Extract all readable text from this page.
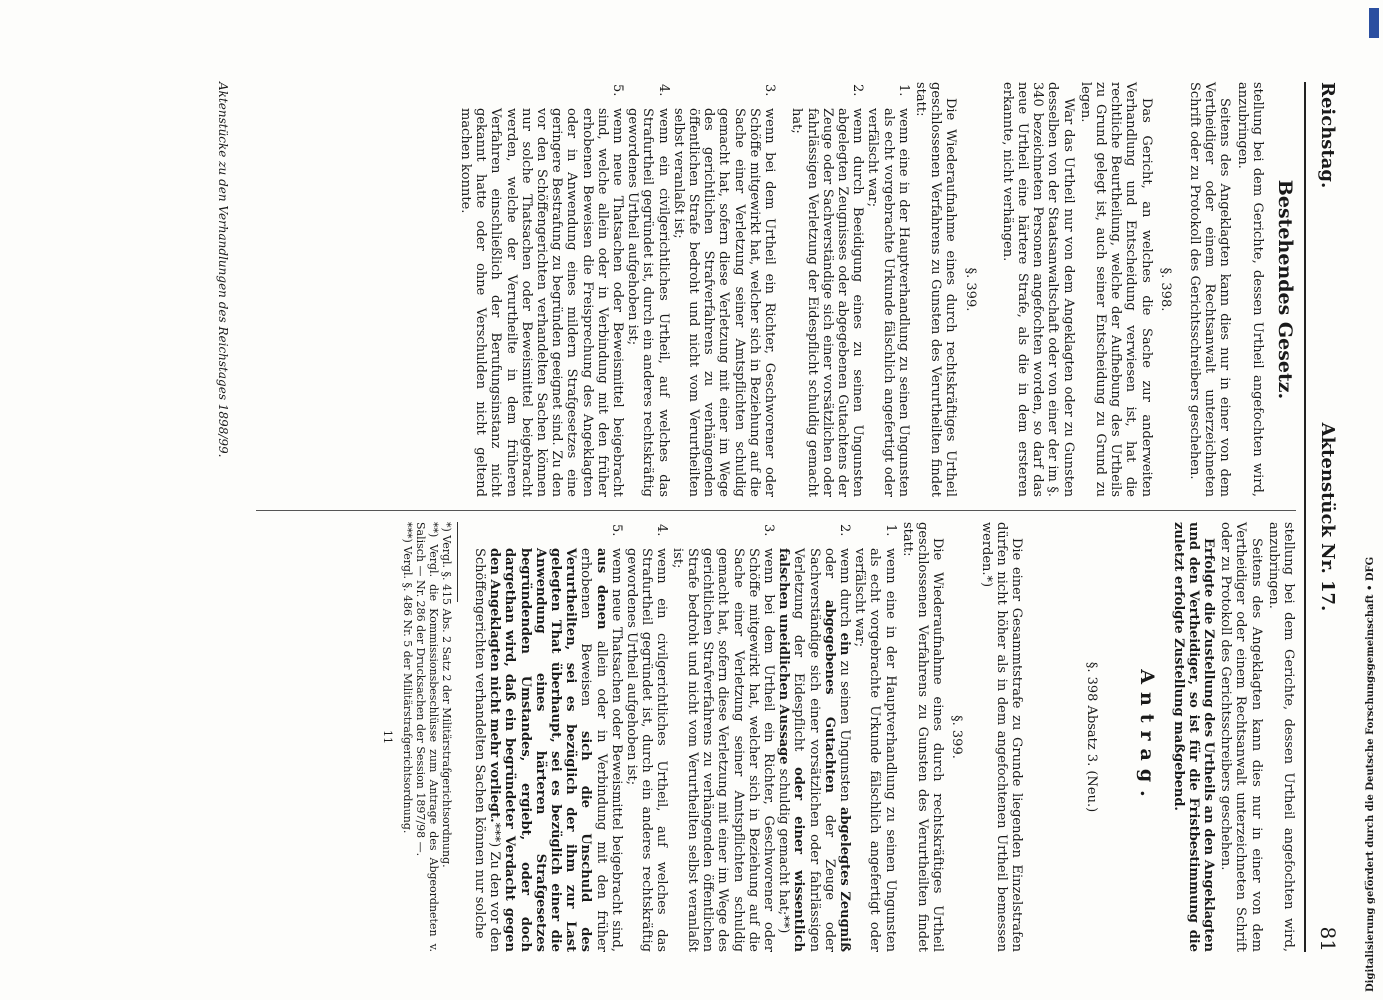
Reichstag.
Aktenstück Nr. 17.
81
Bestehendes Gesetz.

stellung bei dem Gerichte, dessen Urtheil angefochten wird, anzubringen.

Seitens des Angeklagten kann dies nur in einer von dem Vertheidiger oder einem Rechtsanwalt unterzeichneten Schrift oder zu Protokoll des Gerichtsschreibers geschehen.

§. 398.

Das Gericht, an welches die Sache zur anderweiten Verhandlung und Entscheidung verwiesen ist, hat die rechtliche Beurtheilung, welche der Aufhebung des Urtheils zu Grund gelegt ist, auch seiner Entscheidung zu Grund zu legen.

War das Urtheil nur von dem Angeklagten oder zu Gunsten desselben von der Staatsanwaltschaft oder von einer der im §. 340 bezeichneten Personen angefochten worden, so darf das neue Urtheil eine härtere Strafe, als die in dem ersteren erkannte, nicht verhängen.

§. 399.

Die Wiederaufnahme eines durch rechtskräftiges Urtheil geschlossenen Verfahrens zu Gunsten des Verurtheilten findet statt:

1.
wenn eine in der Hauptverhandlung zu seinen Ungunsten als echt vorgebrachte Urkunde fälschlich angefertigt oder verfälscht war;
2.
wenn durch Beeidigung eines zu seinen Ungunsten abgelegten Zeugnisses oder abgegebenen Gutachtens der Zeuge oder Sachverständige sich einer vorsätzlichen oder fahrlässigen Verletzung der Eidespflicht schuldig gemacht hat;
3.
wenn bei dem Urtheil ein Richter, Geschworener oder Schöffe mitgewirkt hat, welcher sich in Beziehung auf die Sache einer Verletzung seiner Amtspflichten schuldig gemacht hat, sofern diese Verletzung mit einer im Wege des gerichtlichen Strafverfahrens zu verhängenden öffentlichen Strafe bedroht und nicht vom Verurtheilten selbst veranlaßt ist;
4.
wenn ein civilgerichtliches Urtheil, auf welches das Strafurtheil gegründet ist, durch ein anderes rechtskräftig gewordenes Urtheil aufgehoben ist;
5.
wenn neue Thatsachen oder Beweismittel beigebracht sind, welche allein oder in Verbindung mit den früher erhobenen Beweisen die Freisprechung des Angeklagten oder in Anwendung eines mildern Strafgesetzes eine geringere Bestrafung zu begründen geeignet sind. Zu den vor den Schöffengerichten verhandelten Sachen können nur solche Thatsachen oder Beweismittel beigebracht werden, welche der Verurtheilte in dem früheren Verfahren einschließlich der Berufungsinstanz nicht gekannt hatte oder ohne Verschulden nicht geltend machen konnte.

stellung bei dem Gerichte, dessen Urtheil angefochten wird, anzubringen.

Seitens des Angeklagten kann dies nur in einer von dem Vertheidiger oder einem Rechtsanwalt unterzeichneten Schrift oder zu Protokoll des Gerichtsschreibers geschehen.

Erfolgte die Zustellung des Urtheils an den Angeklagten und den Vertheidiger, so ist für die Fristbestimmung die zuletzt erfolgte Zustellung maßgebend.

Antrag.
§. 398 Absatz 3. (Neu.)

Die einer Gesammtstrafe zu Grunde liegenden Einzelstrafen dürfen nicht höher als in dem angefochtenen Urtheil bemessen werden.*)

§. 399.

Die Wiederaufnahme eines durch rechtskräftiges Urtheil geschlossenen Verfahrens zu Gunsten des Verurtheilten findet statt:

1.
wenn eine in der Hauptverhandlung zu seinen Ungunsten als echt vorgebrachte Urkunde fälschlich angefertigt oder verfälscht war;
2.
wenn durch ein zu seinen Ungunsten abgelegtes Zeugniß oder abgegebenes Gutachten der Zeuge oder Sachverständige sich einer vorsätzlichen oder fahrlässigen Verletzung der Eidespflicht oder einer wissentlich falschen uneidlichen Aussage schuldig gemacht hat;**)
3.
wenn bei dem Urtheil ein Richter, Geschworener oder Schöffe mitgewirkt hat, welcher sich in Beziehung auf die Sache einer Verletzung seiner Amtspflichten schuldig gemacht hat, sofern diese Verletzung mit einer im Wege des gerichtlichen Strafverfahrens zu verhängenden öffentlichen Strafe bedroht und nicht vom Verurtheilten selbst veranlaßt ist;
4.
wenn ein civilgerichtliches Urtheil, auf welches das Strafurtheil gegründet ist, durch ein anderes rechtskräftig gewordenes Urtheil aufgehoben ist;
5.
wenn neue Thatsachen oder Beweismittel beigebracht sind, aus denen allein oder in Verbindung mit den früher erhobenen Beweisen sich die Unschuld des Verurtheilten, sei es bezüglich der ihm zur Last gelegten That überhaupt, sei es bezüglich einer die Anwendung eines härteren Strafgesetzes begründenden Umstandes, ergiebt, oder doch dargethan wird, daß ein begründeter Verdacht gegen den Angeklagten nicht mehr vorliegt.***) Zu den vor den Schöffengerichten verhandelten Sachen können nur solche

*) Vergl. §. 415 Abs. 2 Satz 2 der Militärstrafgerichtsordnung.

**) Vergl. die Kommissionsbeschlüsse zum Antrage des Abgeordneten v. Salisch — Nr. 286 der Drucksachen der Session 1897/98 —.

***) Vergl. §. 486 Nr. 5 der Militärstrafgerichtsordnung.

11
Aktenstücke zu den Verhandlungen des Reichstages 1898/99.
Digitalisierung gefördert durch die Deutsche Forschungsgemeinschaft • DFG
